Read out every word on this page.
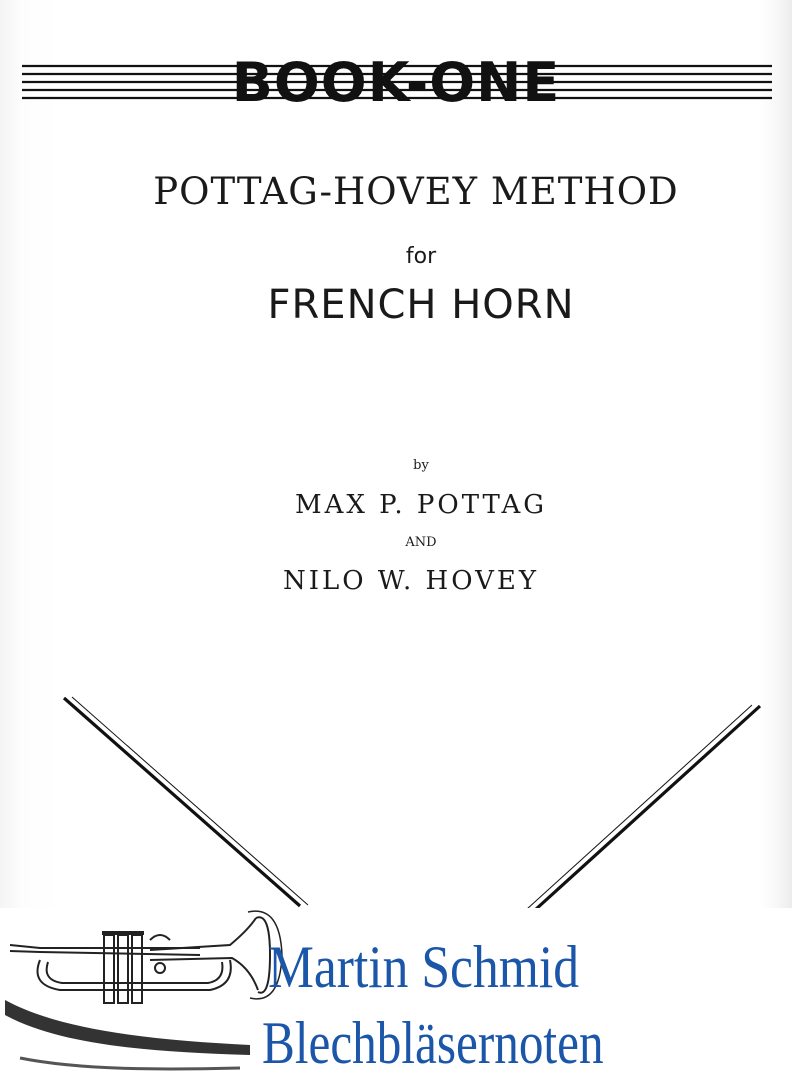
BOOK-ONE
POTTAG-HOVEY METHOD
for
FRENCH HORN
by
MAX P. POTTAG
AND
NILO W. HOVEY
Martin Schmid
Blechbläsernoten
